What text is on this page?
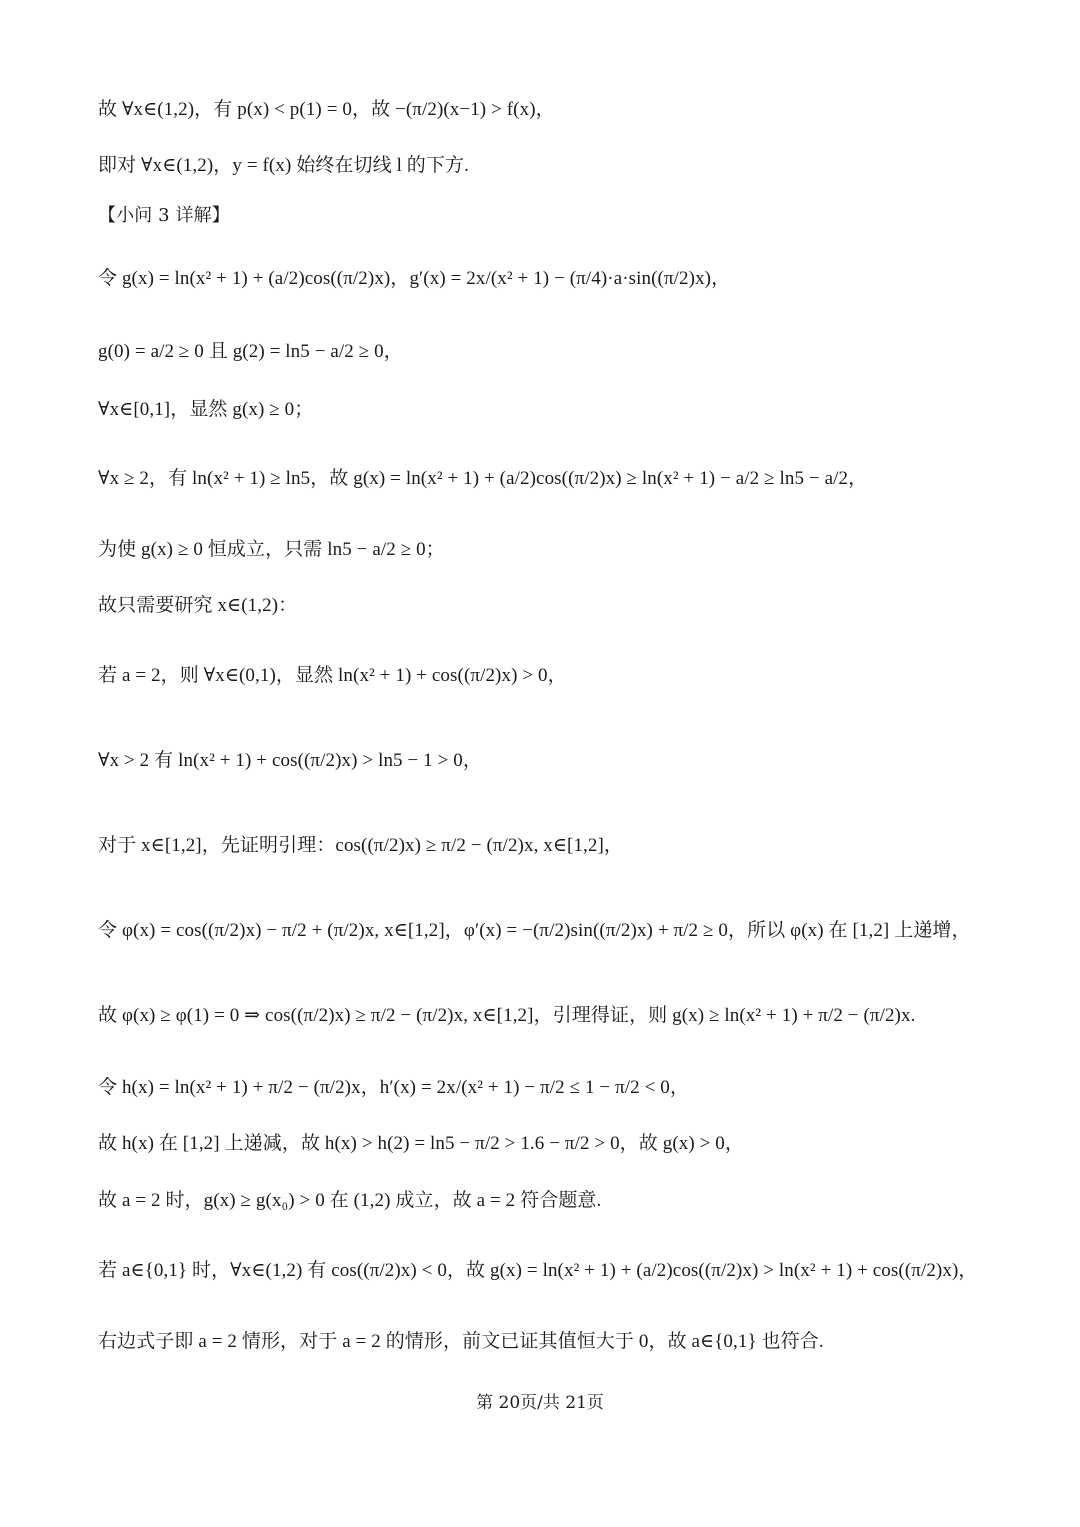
故 ∀x∈(1,2)，有 p(x) < p(1) = 0，故 −(π/2)(x−1) > f(x)，
即对 ∀x∈(1,2)，y = f(x) 始终在切线 l 的下方.
【小问 3 详解】
令 g(x) = ln(x² + 1) + (a/2)cos((π/2)x)，g′(x) = 2x/(x² + 1) − (π/4)·a·sin((π/2)x)，
g(0) = a/2 ≥ 0 且 g(2) = ln5 − a/2 ≥ 0，
∀x∈[0,1]，显然 g(x) ≥ 0；
∀x ≥ 2，有 ln(x² + 1) ≥ ln5，故 g(x) = ln(x² + 1) + (a/2)cos((π/2)x) ≥ ln(x² + 1) − a/2 ≥ ln5 − a/2，
为使 g(x) ≥ 0 恒成立，只需 ln5 − a/2 ≥ 0；
故只需要研究 x∈(1,2)：
若 a = 2，则 ∀x∈(0,1)，显然 ln(x² + 1) + cos((π/2)x) > 0，
∀x > 2 有 ln(x² + 1) + cos((π/2)x) > ln5 − 1 > 0，
对于 x∈[1,2]，先证明引理：cos((π/2)x) ≥ π/2 − (π/2)x, x∈[1,2]，
令 φ(x) = cos((π/2)x) − π/2 + (π/2)x, x∈[1,2]，φ′(x) = −(π/2)sin((π/2)x) + π/2 ≥ 0，所以 φ(x) 在 [1,2] 上递增，
故 φ(x) ≥ φ(1) = 0 ⇒ cos((π/2)x) ≥ π/2 − (π/2)x, x∈[1,2]，引理得证，则 g(x) ≥ ln(x² + 1) + π/2 − (π/2)x.
令 h(x) = ln(x² + 1) + π/2 − (π/2)x，h′(x) = 2x/(x² + 1) − π/2 ≤ 1 − π/2 < 0，
故 h(x) 在 [1,2] 上递减，故 h(x) > h(2) = ln5 − π/2 > 1.6 − π/2 > 0，故 g(x) > 0，
故 a = 2 时，g(x) ≥ g(x₀) > 0 在 (1,2) 成立，故 a = 2 符合题意.
若 a∈{0,1} 时，∀x∈(1,2) 有 cos((π/2)x) < 0，故 g(x) = ln(x² + 1) + (a/2)cos((π/2)x) > ln(x² + 1) + cos((π/2)x)，
右边式子即 a = 2 情形，对于 a = 2 的情形，前文已证其值恒大于 0，故 a∈{0,1} 也符合.
第 20页/共 21页
